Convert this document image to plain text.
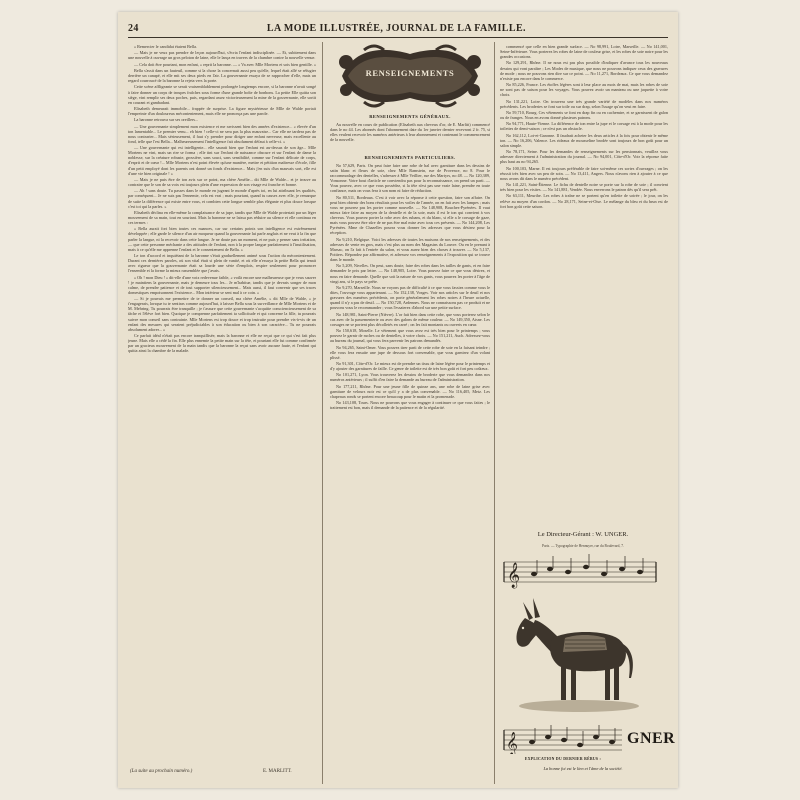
24	LA MODE ILLUSTRÉE, JOURNAL DE LA FAMILLE.

« Remercier le candidat étaient Bella.

— Mais je ne veux pas prendre de leçon aujourd'hui, s'écria l'enfant indisciplinée. — Et, subitement dans une nouvelle à ouvrage un gros peloton de laine, elle le lança en travers de la chambre contre la nouvelle venue.

— Cela doit être pourtant, mon enfant, » reprit la baronne. — « Va avec Mlle Mortens et sois bien gentille. »

Bella s'assit dans un fauteuil, comme si la chose la concernait aussi peu qu'elle, lequel était allé se réfugier derrière un canapé, et elle mit ses deux pieds en l'air. La gouvernante essaya de se rapprocher d'elle, mais un regard courroucé de la baronne la rejeta vers la porte.

Cette scène affligeante se serait vraisemblablement prolongée longtemps encore, si la baronne n'avait songé à faire donner un corps de troupes fraîches sous forme d'une grande boîte de bonbons. La petite Elle quitta son siège, vint remplir ses deux poches, puis, regardant assez victorieusement la mine de la gouvernante, elle sortit en courant et gambadant.

Elisabeth demeurait immobile... frappée de surprise. La figure mystérieuse de Mlle de Walde portait l'empreinte d'un douloureux mécontentement, mais elle ne prononça pas une parole.

La baronne retrouva sur ses oreillers...

— Une gouvernante simplement mon existence et me ravissent bien des années d'existence... « élevée d'un ton lamentable... Le premier venu... eh bien ! celle-ci ne sera pas la plus mauvaise... Car elle ne tardera pas de nous contrarier... Mais sérieusement, il faut s'y prendre pour diriger une enfant nerveuse, mais excellente au fond, telle que l'est Bella... Malheureusement l'intelligence fait absolument défaut à celle-ci. »

— Une gouvernante qui est intelligente... elle saurait bien que l'enfant est au-dessus de son âge... Mlle Mortens ne vint, mais un rire se forma ; elle tint sur l'enfant de naissance obscure et sur l'enfant de dame la noblesse, sur la créature robuste, grossière, sans souci, sans sensibilité, comme sur l'enfant délicate de corps, d'esprit et de cœur !... Mlle Mortens n'est point élevée qu'une manière, mettre et pétition maîtresse d'école, fille d'un petit employé dont les parents ont donné un fonds d'existence... Mais j'en suis d'un mauvais sort, elle est d'une vie bien originale ! »

— Mais je ne puis être de ton avis sur ce point, ma chère Amélie... dit Mlle de Walde... et je trouve au contraire que le son de sa voix est toujours plein d'une expression de son visage est franche et bonne.

— Ah ! sans doute. Tu passes dans le monde en jugeant le monde d'après toi, en lui attribuant les qualités, par conséquent... Je ne suis pas l'ennemie, cela est vrai ; mais pourtant, quand tu causes avec elle, je remarque de suite la différence qui existe entre vous, et combien cette longue semble plus élégante et plus douce lorsque c'est toi qui la parles. »

Elisabeth déclina en elle-même la complaisance de sa jupe, tandis que Mlle de Walde protestait par un léger mouvement de sa main, tout en souriant. Mais la baronne ne se laissa pas réduire au silence et elle continua en ces termes :

« Bella aurait fort bien toutes ces nuances, car sur certains points son intelligence est extrêmement développée ; elle garde le silence d'un air moqueur quand la gouvernante lui parle anglais et ne veut à la fin que parler la langue, ni la recevoir dans cette langue. Je ne doute pas un moment, et ne puis y penser sans irritation, — que cette personne méchante a des attitudes de l'enfant, non à la propre langue parfaitement à l'inutilisation, mais à ce qu'elle me apprenne l'enfant et le consentement de Bella. »

Le ton d'accord et inquiétant de la baronne s'était graduellement animé sous l'action du mécontentement. Durant ces dernières paroles, où son vital était si plein de vanité, et où elle n'essuya la petite Bella qui tenait avec rigueur que la gouvernante était sa lourde une série d'emplois, respire seulement pour prononcer l'ensemble et la forme la mieux rassemblée que j'avais.

« Oh ! mon Dieu ! » dit-elle d'une voix redevenue faible, « voilà encore une malheureuse que je veux sauver ! je maintiens la gouvernante, mais je demeure tous les... Je m'habitue, tandis que je devrais songer de mon calme, de prendre patience et de tout supporter silencieusement... Mais aussi, il faut convenir que ses traces domestiques empoisonnent l'existence... Mon intérieur se sent mal à ce coin. »

— Si je pouvais me permettre de te donner un conseil, ma chère Amélie, » dit Mlle de Walde, « je t'engagerais, lorsque tu te sentiras comme aujourd'hui, à laisser Bella sous la surveillance de Mlle Mortens et de M. Mehring. Tu pourrais être tranquille ; je t'assure que cette gouvernante s'acquitte consciencieusement de sa tâche et l'élève fort bien. Quoique je comprenne parfaitement ta sollicitude et qui concerne la fille, tu pourrais suivre mon conseil sans contrainte. Mlle Mortens est trop douce et trop instruite pour prendre vis-à-vis de un enfant des mesures qui seraient préjudiciables à son éducation ou bien à son caractère... Tu ne pourrais absolument adorer... »

Ce parfait idéal n'était pas encore tranquillisée, mais la baronne et elle ne reçut que ce qui s'est fait plus jeune. Mais elle a cédé la fin. Elle plus ennemie la petite main sur la tête, et pourtant elle fut comme confirmée par un gracieux mouvement de la main tandis que la baronne la reçut sans avoir aucune faute, et l'enfant qui quitta ainsi la chambre de la malade.

(La suite au prochain numéro.)	E. MARLITT.
RENSEIGNEMENTS
RENSEIGNEMENTS GÉNÉRAUX.

Au nouvelle en cours de publication (Elisabeth aux cheveux d'or, de E. Marlitt) commencé dans le no 44. Les abonnés dont l'abonnement date du 1er janvier dernier recevront 2 fr. 75, si elles veulent recevoir les numéros antérieurs à leur abonnement et contenant le commencement de la nouvelle.

RENSEIGNEMENTS PARTICULIERS.

No 57,629, Paris. On peut faire faire une robe de bal avec garniture dans les dessins de satin blanc et fleurs de soie, chez Mlle Ramstein, rue de Provence, no 8. Pour le raccommodage des dentelles, s'adresser à Mlle Veillier, rue des Martyrs, no 48. — No 120,389, Vonsonne. Votre bout d'article ne conviendra pas pour la reconnaissance, on prend un parti. — Vous pouvez, avec ce que vous possédez, si la tête n'est pas une vraie laine, prendre en toute confiance, mais on vous fera à son nom ni faire de réduction.

No 80,511, Bordeaux. C'est à voir avec la réponse à cette question, faire son affaire. On peut bien obtenir des bons résultats pour les voiles de l'année, on en fait avec les lampes ; mais vous ne pourrez pas les porter comme nouvelle. — No 148,908, Bouches-Pyrénées. Il vaut mieux faire faire au moyen de la dentelle et de la soie, mais il est le ton qui convient à vos cheveux. Vous pouvez porter la robe avec des rubans, et du blanc, si elle a le corsage de gaze, mais vous pouvez être sûre de ne pas être mal mise avec tous ces présents. — No 144,208, Les Pyrénées. Mme de Chazelles pourra vous donner les adresses que vous désirez pour la réception.

No 9,210, Belgique. Voici les adresses de toutes les maisons de nos renseignements, et des adresses de vente en gros, mais c'est plus au nom des Magasins du Louvre. Ou en le prenant à Marsac, on l'a fait à l'entrée du salon, et vous aurez bien des choses à trouver. — No 5,137, Poitiers. Répondez par affirmative, et adressez vos renseignements à l'exposition qui se trouve dans le monde.

No 5,209, Nivelles. On peut, sans doute, faire des robes dans les tailles de gants, et en faire demander le prix par lettre. — No 148,905, Loire. Vous pouvez faire ce que vous désirez, et nous en faire demande. Quelle que soit la nature de vos gants, vous pourrez les porter à l'âge de vingt ans, si le pays se prête.

No 9,270, Marseille. Nous ne voyons pas de difficulté à ce que vous fassiez comme vous le dites, l'ouvrage vous appartenant. — No 152,138, Vosges. Voir nos articles sur le deuil et nos gravures des numéros précédents, on porte généralement les robes noires à l'heure actuelle, quand il n'y a pas de deuil. — No 150,728, Ardennes. Nous ne connaissons pas ce produit et ne pouvons vous le recommander ; vous l'essaierez d'abord sur une petite surface.

No 148,981, Saint-Pierre (Nièvre). L'or fait bien dans cette robe, que vous porterez selon le cas avec de la passementerie ou avec des galons de même couleur. — No 149,350, Aisne. Les corsages ne se portent plus décolletés en carré ; on les fait montants ou ouverts en cœur.

No 150,618, Moselle. Le vêtement que vous avez est très bien pour le printemps ; vous pouvez le garnir de ruches ou de dentelles, à votre choix. — No 151,211, Auch. Adressez-vous au bureau du journal, qui vous fera parvenir les patrons demandés.

No 94,265, Saint-Omer. Vous pouvez tirer parti de cette robe de soie en la faisant teindre ; elle vous fera ensuite une jupe de dessous fort convenable, que vous garnirez d'un volant plissé.

No 91,301, Côte-d'Or. Le mieux est de prendre un tissu de laine légère pour le printemps et d'y ajouter des garnitures de faille. Ce genre de toilette est de très bon goût et fort peu coûteux.

No 101,271, Lyon. Vous trouverez les dessins de broderie que vous demandez dans nos numéros antérieurs ; il suffit d'en faire la demande au bureau de l'administration.

No 177,211, Rhône. Pour une jeune fille de quinze ans, une robe de laine grise avec garniture de velours noir est ce qu'il y a de plus convenable. — No 116,405, Metz. Les chapeaux ronds se portent encore beaucoup pour le matin et la promenade.

No 143,108, Tours. Nous ne pouvons que vous engager à continuer ce que vous faites ; le traitement est bon, mais il demande de la patience et de la régularité.

commencé que celle en bien grande surface. — No 98,991, Loire, Marseille. — No 141,001, Seine-Inférieure. Vous porterez les robes de laine de couleur grise, et les robes de soie noire pour les grandes occasions.

No 129,291, Rhône. Il ne nous est pas plus possible d'indiquer d'avance tous les nouveaux dessins qui vont paraître ; Les Modes de musique, que nous ne pouvons indiquer ceux des gravures de mode ; nous ne pouvons rien dire sur ce point. — No 11,271, Bordeaux. Ce que vous demandez n'existe pas encore dans le commerce.

No 85,226, France. Les étoffes légères sont à leur place au mois de mai, mais les robes de soie ne sont pas de saison pour les voyages. Vous pouvez avoir un manteau ou une jaquette à votre choix.

No 131,221, Loire. On trouvera une très grande variété de modèles dans nos numéros précédents. Les broderies se font sur toile ou sur drap, selon l'usage qu'on veut en faire.

No 59,710, Bourg. Ces vêtements se font en drap fin ou en cachemire, et se garnissent de galon ou de franges. Nous en avons donné plusieurs patrons.

No 94,771, Haute-Vienne. La différence de ton entre la jupe et le corsage est à la mode pour les toilettes de demi-saison ; ce n'est pas un obstacle.

No 162,112, Lot-et-Garonne. Il faudrait acheter les deux articles à la fois pour obtenir le même ton. — No 16,206, Valence. Les rideaux de mousseline brodée sont toujours de bon goût pour un salon simple.

No 78,171, Seine. Pour les demandes de renseignements sur les pensionnats, veuillez vous adresser directement à l'administration du journal. — No 94,001, Côte-d'Or. Voir la réponse faite plus haut au no 94,265.

No 100,103, Marne. Il est toujours préférable de faire soi-même ces sortes d'ouvrages ; on les réussit très bien avec un peu de soin. — No 13,411, Angers. Nous n'avons rien à ajouter à ce que nous avons dit dans le numéro précédent.

No 141,221, Saint-Étienne. Le fichu de dentelle noire se porte sur la robe de soie ; il convient très bien pour les visites. — No 141,881, Vendée. Nous enverrons le patron dès qu'il sera prêt.

No 63,111, Meurthe. Les robes à traîne ne se portent qu'en toilette de soirée ; le jour, on les relève au moyen d'un cordon. — No 28,171, Seine-et-Oise. Le mélange du bleu et du brun est de fort bon goût cette saison.

Le Directeur-Gérant : W. UNGER.
Paris. — Typographie de Hennuyer, rue du Boulevard, 7.
𝄞
𝄞	GNER
EXPLICATION DU DERNIER RÉBUS :
La bonne foi est le lien et l'âme de la société.
